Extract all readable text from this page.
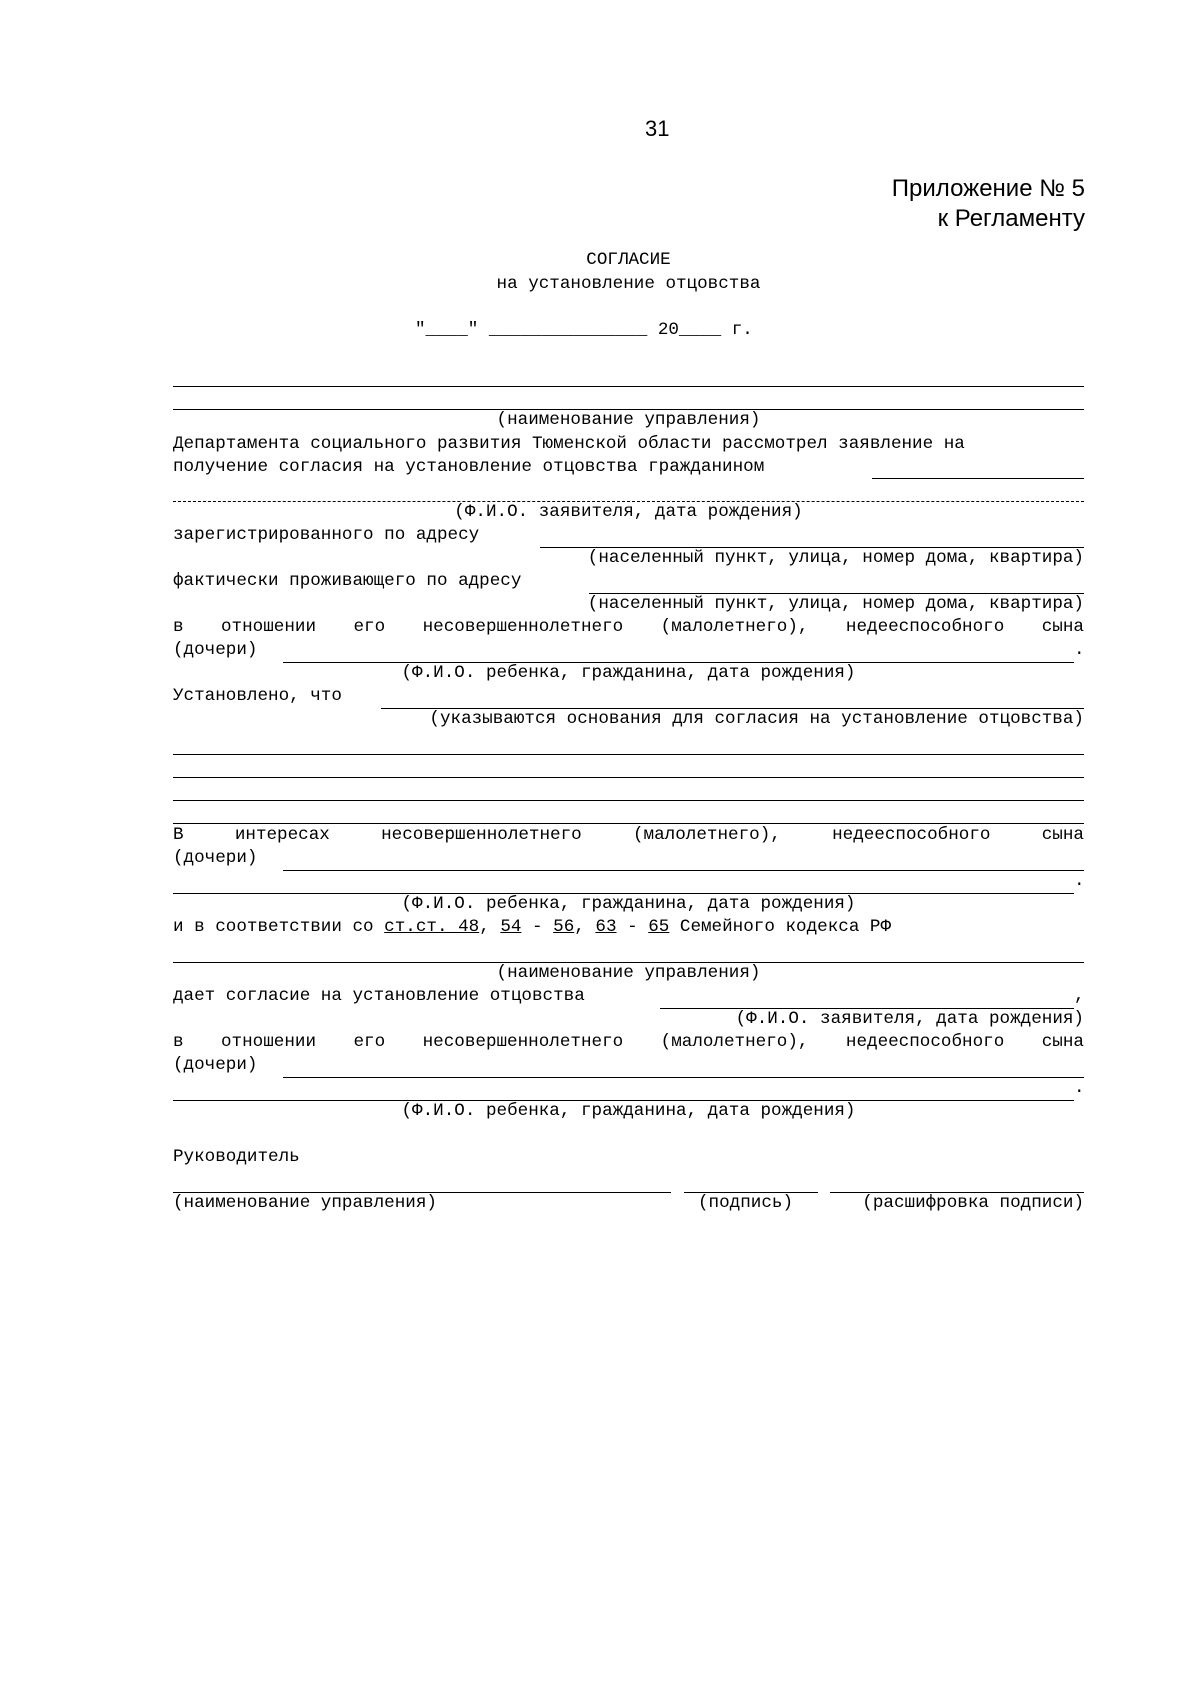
31
Приложение № 5
к Регламенту
СОГЛАСИЕ
на установление отцовства
"____" _______________ 20____ г.
(наименование управления)
Департамента социального развития Тюменской области рассмотрел заявление на
получение согласия на установление отцовства гражданином
(Ф.И.О. заявителя, дата рождения)
зарегистрированного по адресу
(населенный пункт, улица, номер дома, квартира)
фактически проживающего по адресу
(населенный пункт, улица, номер дома, квартира)
в отношении его несовершеннолетнего (малолетнего), недееспособного сына
(дочери)	.
(Ф.И.О. ребенка, гражданина, дата рождения)
Установлено, что
(указываются основания для согласия на установление отцовства)
В	интересах	несовершеннолетнего	(малолетнего),	недееспособного	сына
(дочери)
.
(Ф.И.О. ребенка, гражданина, дата рождения)
и в соответствии со ст.ст. 48, 54 - 56, 63 - 65 Семейного кодекса РФ
(наименование управления)
дает согласие на установление отцовства	,
(Ф.И.О. заявителя, дата рождения)
в отношении его несовершеннолетнего (малолетнего), недееспособного сына
(дочери)
.
(Ф.И.О. ребенка, гражданина, дата рождения)
Руководитель
(наименование управления)	(подпись)	(расшифровка подписи)
